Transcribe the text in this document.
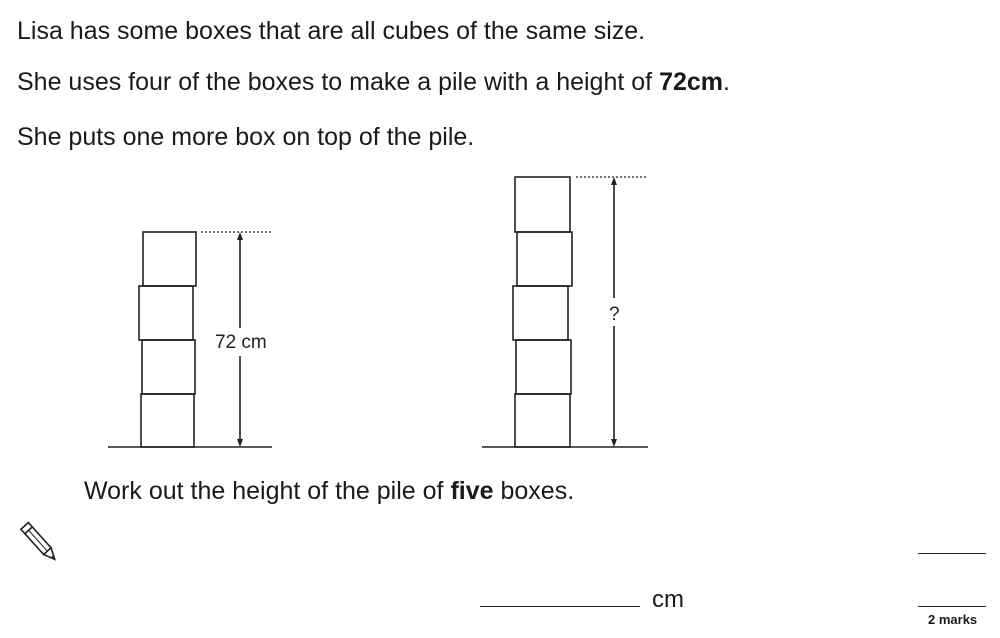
Lisa has some boxes that are all cubes of the same size.
She uses four of the boxes to make a pile with a height of 72cm.
She puts one more box on top of the pile.
72 cm
?
Work out the height of the pile of five boxes.
cm
2 marks
